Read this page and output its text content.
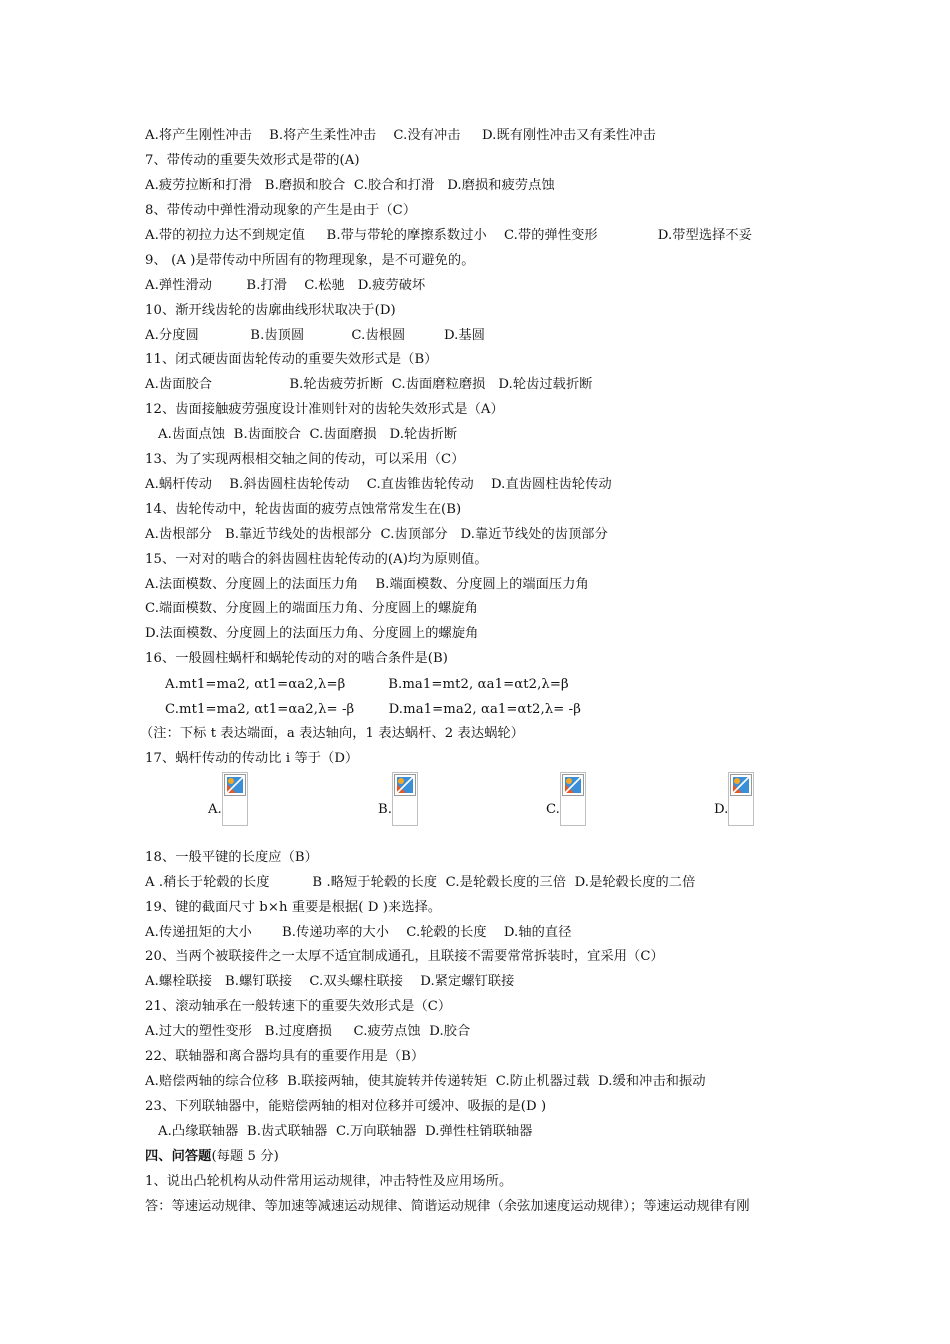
A.将产生刚性冲击    B.将产生柔性冲击    C.没有冲击     D.既有刚性冲击又有柔性冲击
7、带传动的重要失效形式是带的(A)
A.疲劳拉断和打滑   B.磨损和胶合  C.胶合和打滑   D.磨损和疲劳点蚀
8、带传动中弹性滑动现象的产生是由于（C）
A.带的初拉力达不到规定值     B.带与带轮的摩擦系数过小    C.带的弹性变形              D.带型选择不妥
9、 (A )是带传动中所固有的物理现象，是不可避免的。
A.弹性滑动        B.打滑    C.松驰   D.疲劳破坏
10、渐开线齿轮的齿廓曲线形状取决于(D)
A.分度圆            B.齿顶圆           C.齿根圆         D.基圆
11、闭式硬齿面齿轮传动的重要失效形式是（B）
A.齿面胶合                  B.轮齿疲劳折断  C.齿面磨粒磨损   D.轮齿过载折断
12、齿面接触疲劳强度设计准则针对的齿轮失效形式是（A）
A.齿面点蚀  B.齿面胶合  C.齿面磨损   D.轮齿折断
13、为了实现两根相交轴之间的传动，可以采用（C）
A.蜗杆传动    B.斜齿圆柱齿轮传动    C.直齿锥齿轮传动    D.直齿圆柱齿轮传动
14、齿轮传动中，轮齿齿面的疲劳点蚀常常发生在(B)
A.齿根部分   B.靠近节线处的齿根部分  C.齿顶部分   D.靠近节线处的齿顶部分
15、一对对的啮合的斜齿圆柱齿轮传动的(A)均为原则值。
A.法面模数、分度圆上的法面压力角    B.端面模数、分度圆上的端面压力角
C.端面模数、分度圆上的端面压力角、分度圆上的螺旋角
D.法面模数、分度圆上的法面压力角、分度圆上的螺旋角
16、一般圆柱蜗杆和蜗轮传动的对的啮合条件是(B)
A.mt1=ma2, αt1=αa2,λ=β          B.ma1=mt2, αa1=αt2,λ=β
C.mt1=ma2, αt1=αa2,λ= -β        D.ma1=ma2, αa1=αt2,λ= -β
（注：下标 t 表达端面，a 表达轴向，1 表达蜗杆、2 表达蜗轮）
17、蜗杆传动的传动比 i 等于（D）
A.	B.	C.	D.
18、一般平键的长度应（B）
A .稍长于轮毂的长度          B .略短于轮毂的长度  C.是轮毂长度的三倍  D.是轮毂长度的二倍
19、键的截面尺寸 b×h 重要是根据( D )来选择。
A.传递扭矩的大小       B.传递功率的大小    C.轮毂的长度    D.轴的直径
20、当两个被联接件之一太厚不适宜制成通孔，且联接不需要常常拆装时，宜采用（C）
A.螺栓联接   B.螺钉联接    C.双头螺柱联接    D.紧定螺钉联接
21、滚动轴承在一般转速下的重要失效形式是（C）
A.过大的塑性变形   B.过度磨损     C.疲劳点蚀  D.胶合
22、联轴器和离合器均具有的重要作用是（B）
A.赔偿两轴的综合位移  B.联接两轴，使其旋转并传递转矩  C.防止机器过载  D.缓和冲击和振动
23、下列联轴器中，能赔偿两轴的相对位移并可缓冲、吸振的是(D )
A.凸缘联轴器  B.齿式联轴器  C.万向联轴器  D.弹性柱销联轴器
四、问答题(每题 5 分)
1、说出凸轮机构从动件常用运动规律，冲击特性及应用场所。
答：等速运动规律、等加速等减速运动规律、简谐运动规律（余弦加速度运动规律）；等速运动规律有刚
